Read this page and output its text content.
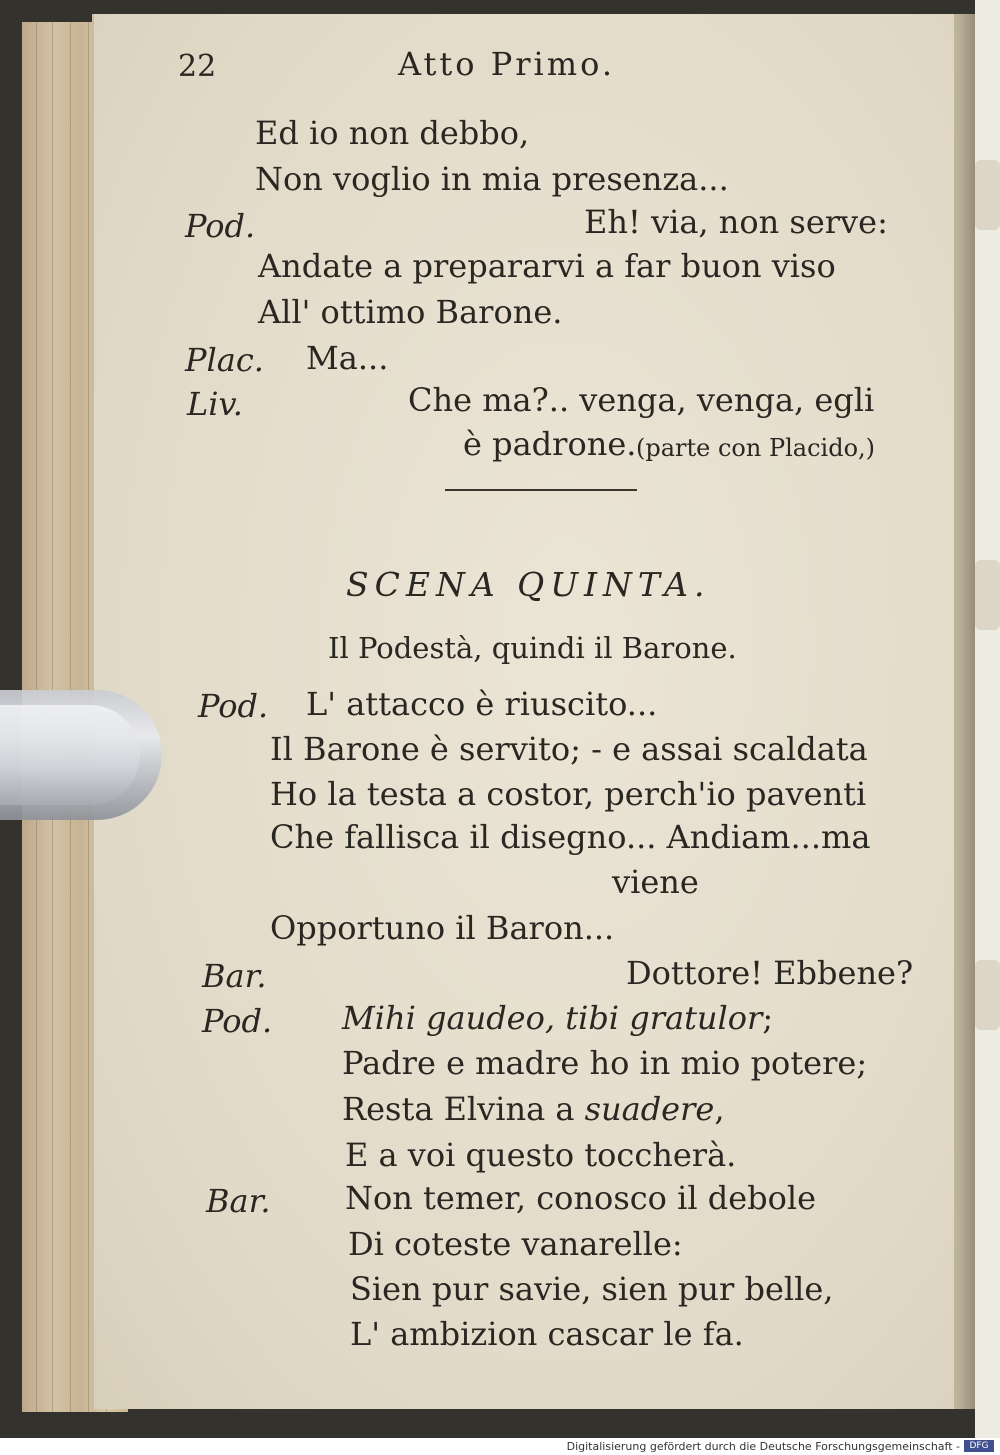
22	Atto Primo.
Ed io non debbo,
Non voglio in mia presenza...
Pod.	Eh! via, non serve:
Andate a prepararvi a far buon viso
All' ottimo Barone.
Plac. Ma...
Liv.	Che ma?.. venga, venga, egli
è padrone. (parte con Placido,)
SCENA QUINTA.
Il Podestà, quindi il Barone.
Pod. L' attacco è riuscito...
Il Barone è servito; - e assai scaldata
Ho la testa a costor, perch'io paventi
Che fallisca il disegno... Andiam...ma
viene
Opportuno il Baron...
Bar.	Dottore! Ebbene?
Pod. Mihi gaudeo, tibi gratulor;
Padre e madre ho in mio potere;
Resta Elvina a suadere,
E a voi questo toccherà.
Bar. Non temer, conosco il debole
Di coteste vanarelle:
Sien pur savie, sien pur belle,
L' ambizion cascar le fa.
Digitalisierung gefördert durch die Deutsche Forschungsgemeinschaft -	DFG
